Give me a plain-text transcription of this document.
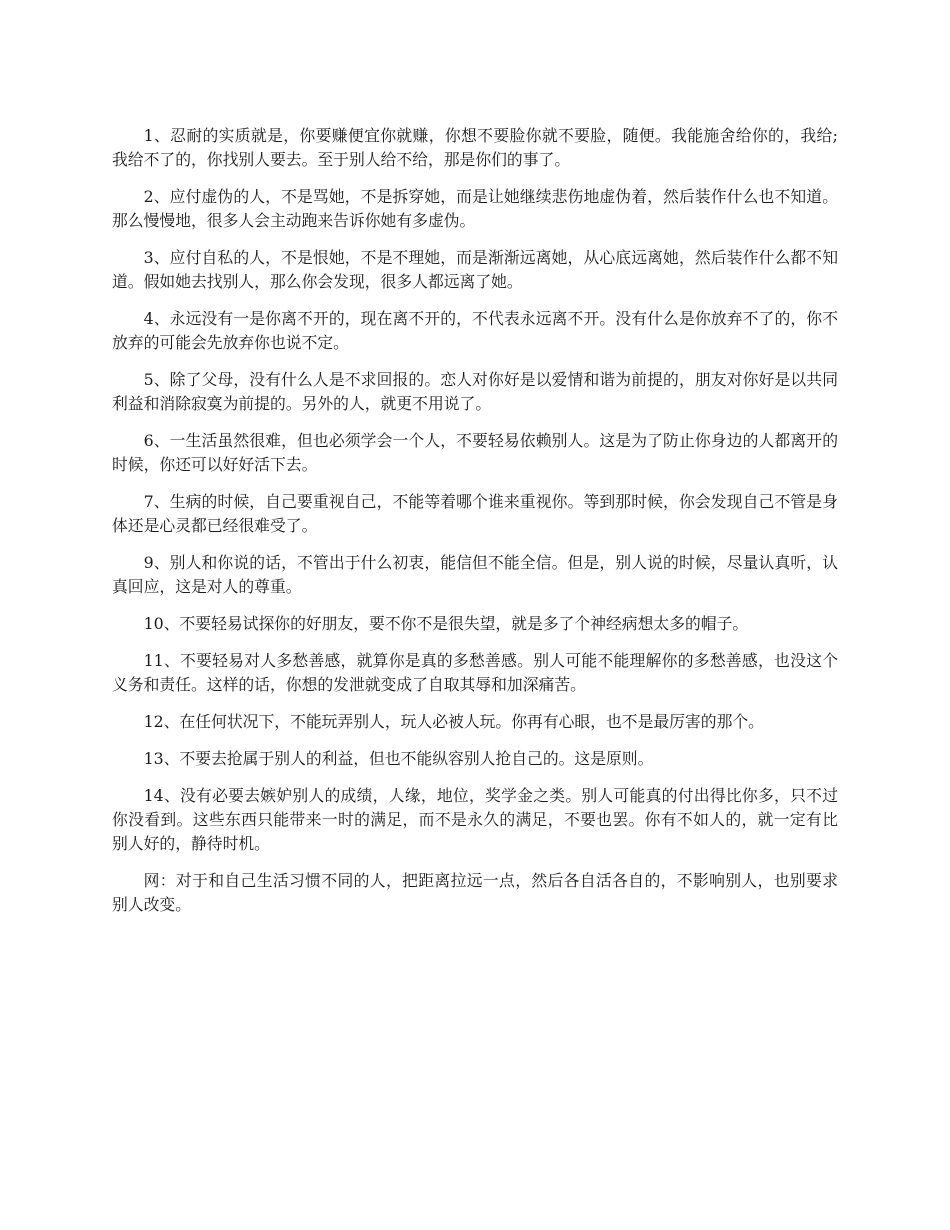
1、忍耐的实质就是，你要赚便宜你就赚，你想不要脸你就不要脸，随便。我能施舍给你的，我给;我给不了的，你找别人要去。至于别人给不给，那是你们的事了。

2、应付虚伪的人，不是骂她，不是拆穿她，而是让她继续悲伤地虚伪着，然后装作什么也不知道。那么慢慢地，很多人会主动跑来告诉你她有多虚伪。

3、应付自私的人，不是恨她，不是不理她，而是渐渐远离她，从心底远离她，然后装作什么都不知道。假如她去找别人，那么你会发现，很多人都远离了她。

4、永远没有一是你离不开的，现在离不开的，不代表永远离不开。没有什么是你放弃不了的，你不放弃的可能会先放弃你也说不定。

5、除了父母，没有什么人是不求回报的。恋人对你好是以爱情和谐为前提的，朋友对你好是以共同利益和消除寂寞为前提的。另外的人，就更不用说了。

6、一生活虽然很难，但也必须学会一个人，不要轻易依赖别人。这是为了防止你身边的人都离开的时候，你还可以好好活下去。

7、生病的时候，自己要重视自己，不能等着哪个谁来重视你。等到那时候，你会发现自己不管是身体还是心灵都已经很难受了。

9、别人和你说的话，不管出于什么初衷，能信但不能全信。但是，别人说的时候，尽量认真听，认真回应，这是对人的尊重。

10、不要轻易试探你的好朋友，要不你不是很失望，就是多了个神经病想太多的帽子。

11、不要轻易对人多愁善感，就算你是真的多愁善感。别人可能不能理解你的多愁善感，也没这个义务和责任。这样的话，你想的发泄就变成了自取其辱和加深痛苦。

12、在任何状况下，不能玩弄别人，玩人必被人玩。你再有心眼，也不是最厉害的那个。

13、不要去抢属于别人的利益，但也不能纵容别人抢自己的。这是原则。

14、没有必要去嫉妒别人的成绩，人缘，地位，奖学金之类。别人可能真的付出得比你多，只不过你没看到。这些东西只能带来一时的满足，而不是永久的满足，不要也罢。你有不如人的，就一定有比别人好的，静待时机。

网：对于和自己生活习惯不同的人，把距离拉远一点，然后各自活各自的，不影响别人，也别要求别人改变。
